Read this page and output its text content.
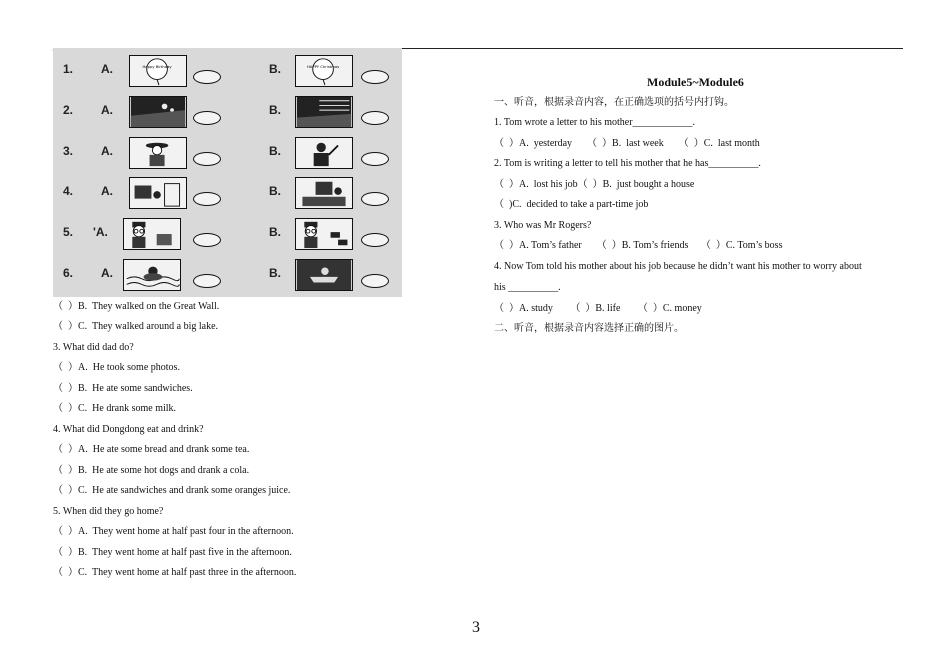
1. A.	Happy Birthday	B.	HAPPY Christmas
2. A.	B.
3. A.	B.
4. A.	B.
5. 'A.	B.
6. A.	B.
（  ）B.  They walked on the Great Wall.
（  ）C.  They walked around a big lake.
3. What did dad do?
（  ）A.  He took some photos.
（  ）B.  He ate some sandwiches.
（  ）C.  He drank some milk.
4. What did Dongdong eat and drink?
（  ）A.  He ate some bread and drank some tea.
（  ）B.  He ate some hot dogs and drank a cola.
（  ）C.  He ate sandwiches and drank some oranges juice.
5. When did they go home?
（  ）A.  They went home at half past four in the afternoon.
（  ）B.  They went home at half past five in the afternoon.
（  ）C.  They went home at half past three in the afternoon.
Module5~Module6
一、听音，根据录音内容，在正确选项的括号内打钩。
1. Tom wrote a letter to his mother____________.
（  ）A.  yesterday      （  ）B.  last week      （  ）C.  last month
2. Tom is writing a letter to tell his mother that he has__________.
（  ）A.  lost his job（  ）B.  just bought a house
（  )C.  decided to take a part-time job
3. Who was Mr Rogers?
（  ）A. Tom’s father      （  ）B. Tom’s friends     （  ）C. Tom’s boss
4. Now Tom told his mother about his job because he didn’t want his mother to worry about
his __________.
（  ）A. study       （  ）B. life       （  ）C. money
二、听音，根据录音内容选择正确的图片。
3
